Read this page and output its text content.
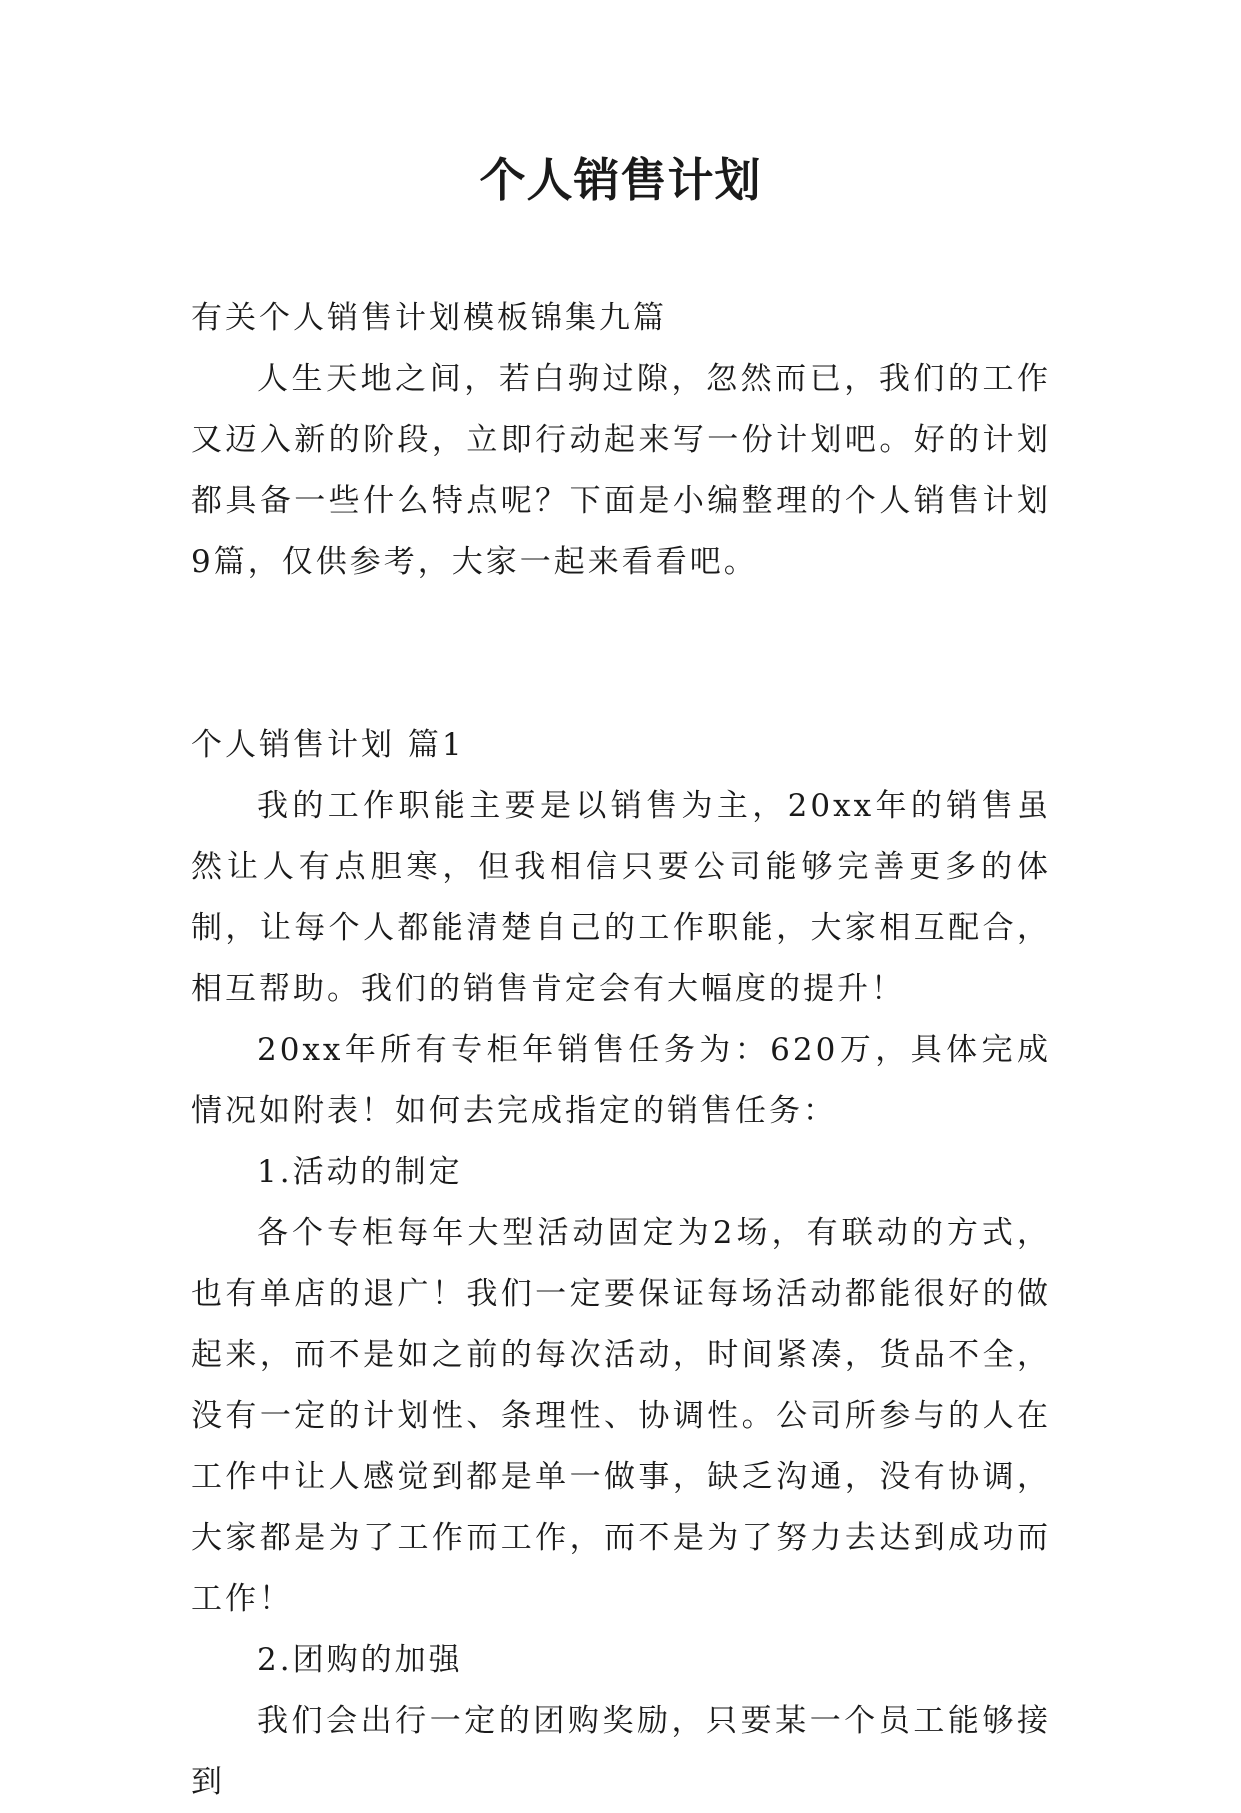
个人销售计划

有关个人销售计划模板锦集九篇

人生天地之间，若白驹过隙，忽然而已，我们的工作又迈入新的阶段，立即行动起来写一份计划吧。好的计划都具备一些什么特点呢？下面是小编整理的个人销售计划9篇，仅供参考，大家一起来看看吧。

个人销售计划 篇1

我的工作职能主要是以销售为主，20xx年的销售虽然让人有点胆寒，但我相信只要公司能够完善更多的体制，让每个人都能清楚自己的工作职能，大家相互配合，相互帮助。我们的销售肯定会有大幅度的提升！

20xx年所有专柜年销售任务为：620万，具体完成情况如附表！如何去完成指定的销售任务：

1.活动的制定

各个专柜每年大型活动固定为2场，有联动的方式，也有单店的退广！我们一定要保证每场活动都能很好的做起来，而不是如之前的每次活动，时间紧凑，货品不全，没有一定的计划性、条理性、协调性。公司所参与的人在工作中让人感觉到都是单一做事，缺乏沟通，没有协调，大家都是为了工作而工作，而不是为了努力去达到成功而工作！

2.团购的加强

我们会出行一定的团购奖励，只要某一个员工能够接到
